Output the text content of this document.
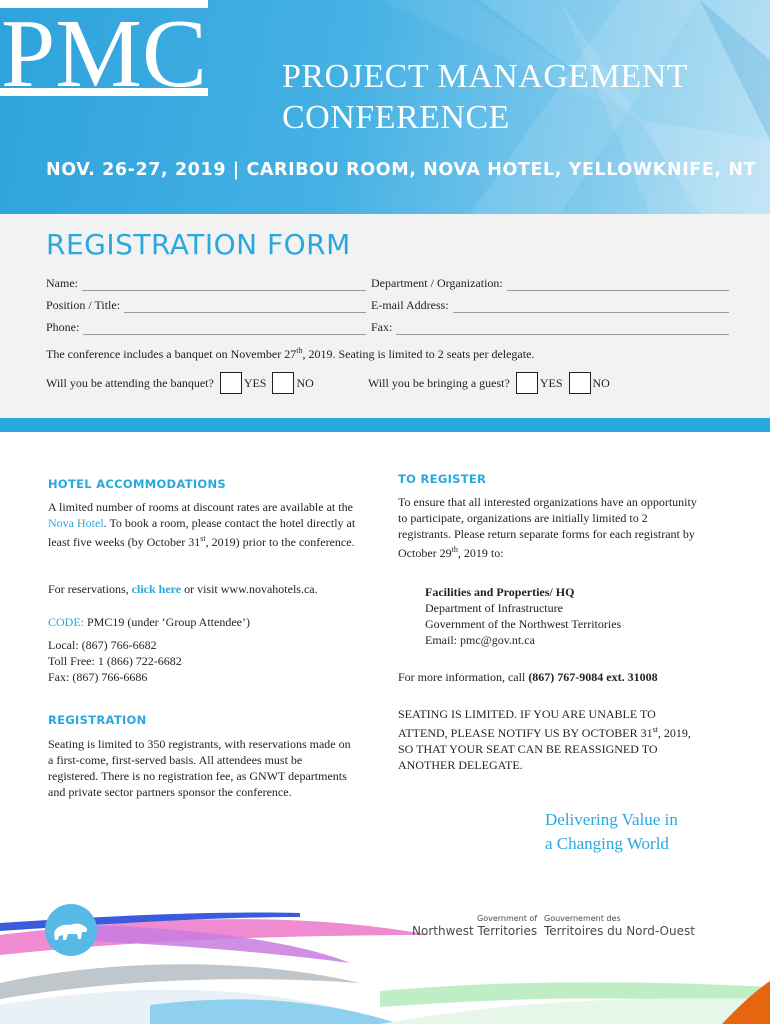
PMC PROJECT MANAGEMENT
CONFERENCE
NOV. 26-27, 2019 | CARIBOU ROOM, NOVA HOTEL, YELLOWKNIFE, NT
REGISTRATION FORM
Name:	Department / Organization:
Position / Title:	E-mail Address:
Phone:	Fax:
The conference includes a banquet on November 27th, 2019. Seating is limited to 2 seats per delegate.
Will you be attending the banquet?	YES	NO	Will you be bringing a guest?	YES	NO
HOTEL ACCOMMODATIONS
A limited number of rooms at discount rates are available at the Nova Hotel. To book a room, please contact the hotel directly at least five weeks (by October 31st, 2019) prior to the conference.
For reservations, click here or visit www.novahotels.ca.
CODE: PMC19 (under ‘Group Attendee’)
Local: (867) 766-6682
Toll Free: 1 (866) 722-6682
Fax: (867) 766-6686
REGISTRATION
Seating is limited to 350 registrants, with reservations made on a first-come, first-served basis. All attendees must be registered. There is no registration fee, as GNWT departments and private sector partners sponsor the conference.
TO REGISTER
To ensure that all interested organizations have an opportunity to participate, organizations are initially limited to 2 registrants. Please return separate forms for each registrant by October 29th, 2019 to:
Facilities and Properties/ HQ
Department of Infrastructure
Government of the Northwest Territories
Email: pmc@gov.nt.ca
For more information, call (867) 767-9084 ext. 31008
SEATING IS LIMITED. IF YOU ARE UNABLE TO ATTEND, PLEASE NOTIFY US BY OCTOBER 31st, 2019, SO THAT YOUR SEAT CAN BE REASSIGNED TO ANOTHER DELEGATE.
Delivering Value in
a Changing World
Government of
Northwest Territories
Gouvernement des
Territoires du Nord-Ouest
